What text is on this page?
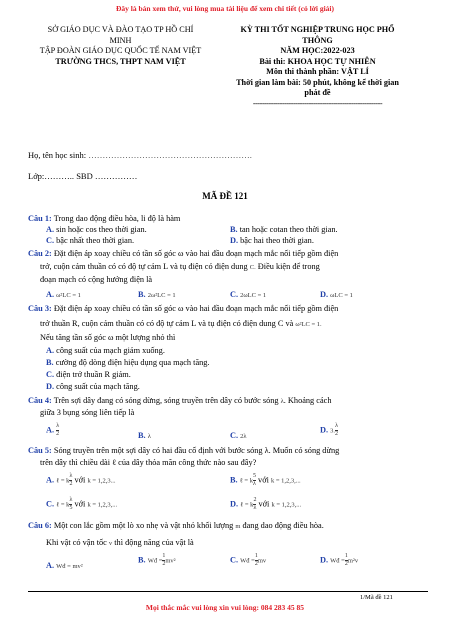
Đây là bản xem thử, vui lòng mua tài liệu để xem chi tiết (có lời giải)
SỞ GIÁO DỤC VÀ ĐÀO TẠO TP HỒ CHÍ
MINH
TẬP ĐOÀN GIÁO DỤC QUỐC TẾ NAM VIỆT
TRƯỜNG THCS, THPT NAM VIỆT
KỲ THI TỐT NGHIỆP TRUNG HỌC PHỔ
THÔNG
NĂM HỌC:2022-023
Bài thi: KHOA HỌC TỰ NHIÊN
Môn thi thành phần: VẬT LÍ
Thời gian làm bài: 50 phút, không kể thời gian
phát đề
----------------------------------------------------------
Họ, tên học sinh: ………………………………………………….
Lớp:……….. SBD ……………
MÃ ĐỀ 121
Câu 1: Trong dao động điều hòa, li độ là hàm
A. sin hoặc cos theo thời gian.	B. tan hoặc cotan theo thời gian.
C. bậc nhất theo thời gian.	D. bậc hai theo thời gian.
Câu 2: Đặt điện áp xoay chiều có tần số góc ω vào hai đầu đoạn mạch mắc nối tiếp gồm điện
trở, cuộn cảm thuần có có độ tự cảm L và tụ điện có điện dung C. Điều kiện để trong
đoạn mạch có cộng hưởng điện là
A. ω²LC = 1	B. 2ω²LC = 1	C. 2ωLC = 1	D. ωLC = 1
Câu 3: Đặt điện áp xoay chiều có tần số góc ω vào hai đầu đoạn mạch mắc nối tiếp gồm điện
trở thuần R, cuộn cảm thuần có có độ tự cảm L và tụ điện có điện dung C và ω²LC = 1.
Nếu tăng tần số góc ω một lượng nhỏ thì
A. công suất của mạch giảm xuống.
B. cường độ dòng điện hiệu dụng qua mạch tăng.
C. điện trở thuần R giảm.
D. công suất của mạch tăng.
Câu 4: Trên sợi dây đang có sóng dừng, sóng truyền trên dây có bước sóng λ. Khoảng cách
giữa 3 bụng sóng liên tiếp là
A. $\frac{\lambda}{2}$	B. λ	C. 2λ
D. 3. $\frac{\lambda}{2}$
Câu 5: Sóng truyền trên một sợi dây có hai đầu cố định với bước sóng λ. Muốn có sóng dừng
trên dây thì chiều dài ℓ của dây thỏa mãn công thức nào sau đây?
A. ℓ = k $\frac{\lambda}{2}$ với k = 1,2,3...	B. ℓ = k $\frac{5}{\lambda}$ với k = 1,2,3,...
C. ℓ = k $\frac{\lambda}{5}$ với k = 1,2,3,...	D. ℓ = k $\frac{2}{\lambda}$ với k = 1,2,3,...
Câu 6: Một con lắc gồm một lò xo nhẹ và vật nhỏ khối lượng m đang dao động điều hòa.
Khi vật có vận tốc v thì động năng của vật là
A. Wđ = mv²
B. Wđ = $\frac{1}{2} mv^2$	C. Wđ = $\frac{1}{2}$ mv	D. Wđ = $\frac{1}{2} m^2v$
1/Mã đề 121
Mọi thắc mắc vui lòng xin vui lòng: 084 283 45 85
